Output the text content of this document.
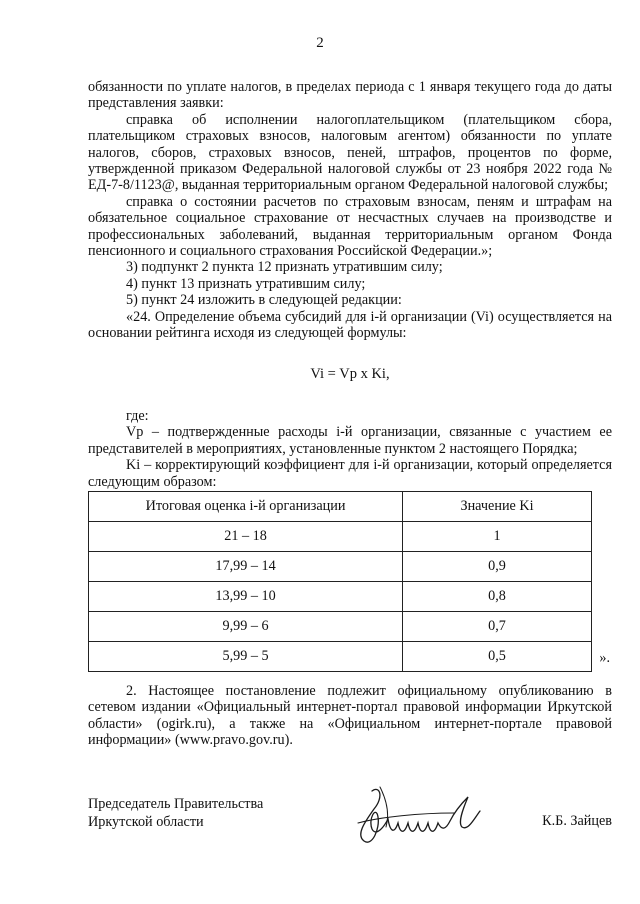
2

обязанности по уплате налогов, в пределах периода с 1 января текущего года до даты представления заявки:

справка об исполнении налогоплательщиком (плательщиком сбора, плательщиком страховых взносов, налоговым агентом) обязанности по уплате налогов, сборов, страховых взносов, пеней, штрафов, процентов по форме, утвержденной приказом Федеральной налоговой службы от 23 ноября 2022 года № ЕД-7-8/1123@, выданная территориальным органом Федеральной налоговой службы;

справка о состоянии расчетов по страховым взносам, пеням и штрафам на обязательное социальное страхование от несчастных случаев на производстве и профессиональных заболеваний, выданная территориальным органом Фонда пенсионного и социального страхования Российской Федерации.»;

3) подпункт 2 пункта 12 признать утратившим силу;

4) пункт 13 признать утратившим силу;

5) пункт 24 изложить в следующей редакции:

«24. Определение объема субсидий для i-й организации (Vi) осуществляется на основании рейтинга исходя из следующей формулы:

Vi = Vp x Ki,

где:

Vp – подтвержденные расходы i-й организации, связанные с участием ее представителей в мероприятиях, установленные пунктом 2 настоящего Порядка;

Ki – корректирующий коэффициент для i-й организации, который определяется следующим образом:

Итоговая оценка i-й организации	Значение Ki
21 – 18	1
17,99 – 14	0,9
13,99 – 10	0,8
9,99 – 6	0,7
5,99 – 5	0,5	».

2. Настоящее постановление подлежит официальному опубликованию в сетевом издании «Официальный интернет-портал правовой информации Иркутской области» (ogirk.ru), а также на «Официальном интернет-портале правовой информации» (www.pravo.gov.ru).

Председатель Правительства
Иркутской области	К.Б. Зайцев
